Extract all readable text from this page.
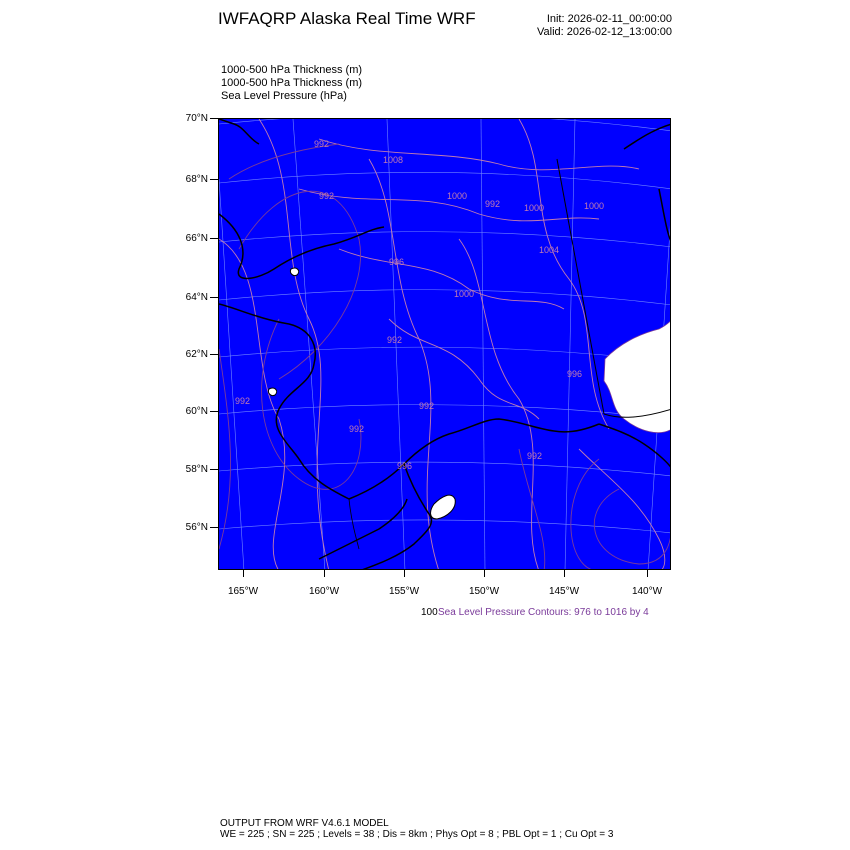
IWFAQRP Alaska Real Time WRF	Init: 2026-02-11_00:00:00
Valid: 2026-02-12_13:00:00
1000-500 hPa Thickness (m)
1000-500 hPa Thickness (m)
Sea Level Pressure (hPa)
70°N
68°N
66°N
64°N
62°N
60°N
58°N
56°N
165°W	160°W	155°W	150°W	145°W	140°W
1008
1000
992	1000
996
1000
1004
992
992
992
992
996
992
996
992
1000
992
100 Sea Level Pressure Contours: 976 to 1016 by 4
OUTPUT FROM WRF V4.6.1 MODEL
WE = 225 ; SN = 225 ; Levels = 38 ; Dis = 8km ; Phys Opt = 8 ; PBL Opt = 1 ; Cu Opt = 3
